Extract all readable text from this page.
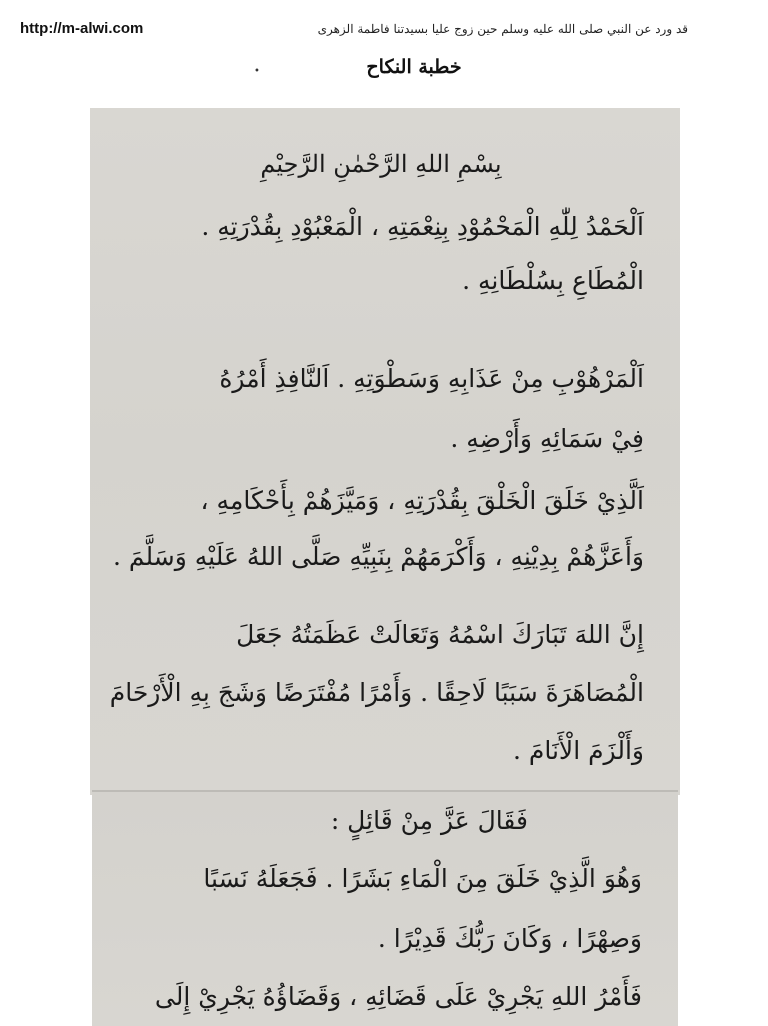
http://m-alwi.com	قد ورد عن النبي صلى الله عليه وسلم حين زوج عليا بسيدتنا فاطمة الزهرى
خطبة النكاح
•
بِسْمِ اللهِ الرَّحْمٰنِ الرَّحِيْمِ
اَلْحَمْدُ لِلّٰهِ الْمَحْمُوْدِ بِنِعْمَتِهِ ، الْمَعْبُوْدِ بِقُدْرَتِهِ .
الْمُطَاعِ بِسُلْطَانِهِ .
اَلْمَرْهُوْبِ مِنْ عَذَابِهِ وَسَطْوَتِهِ . اَلنَّافِذِ أَمْرُهُ
فِيْ سَمَائِهِ وَأَرْضِهِ .
اَلَّذِيْ خَلَقَ الْخَلْقَ بِقُدْرَتِهِ ، وَمَيَّزَهُمْ بِأَحْكَامِهِ ،
وَأَعَزَّهُمْ بِدِيْنِهِ ، وَأَكْرَمَهُمْ بِنَبِيِّهِ صَلَّى اللهُ عَلَيْهِ وَسَلَّمَ .
إِنَّ اللهَ تَبَارَكَ اسْمُهُ وَتَعَالَتْ عَظَمَتُهُ جَعَلَ
الْمُصَاهَرَةَ سَبَبًا لَاحِقًا . وَأَمْرًا مُفْتَرَضًا وَشَجَ بِهِ الْأَرْحَامَ
وَأَلْزَمَ الْأَنَامَ .
فَقَالَ عَزَّ مِنْ قَائِلٍ :
وَهُوَ الَّذِيْ خَلَقَ مِنَ الْمَاءِ بَشَرًا . فَجَعَلَهُ نَسَبًا
وَصِهْرًا ، وَكَانَ رَبُّكَ قَدِيْرًا .
فَأَمْرُ اللهِ يَجْرِيْ عَلَى قَضَائِهِ ، وَقَضَاؤُهُ يَجْرِيْ إِلَى
